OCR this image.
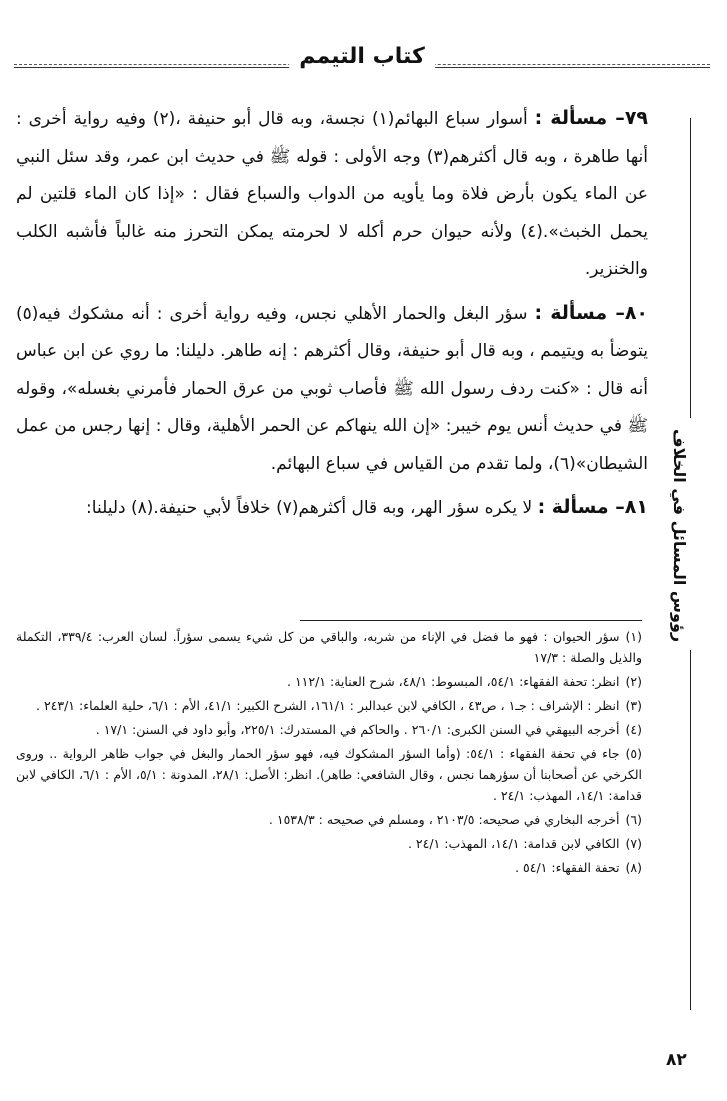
كتاب التيمم
رؤوس المسائل في الخلاف

٧٩– مسألة : أسوار سباع البهائم(١) نجسة، وبه قال أبو حنيفة ،(٢) وفيه رواية أخرى : أنها طاهرة ، وبه قال أكثرهم(٣) وجه الأولى : قوله ﷺ في حديث ابن عمر، وقد سئل النبي عن الماء يكون بأرض فلاة وما يأويه من الدواب والسباع فقال : «إذا كان الماء قلتين لم يحمل الخبث».(٤) ولأنه حيوان حرم أكله لا لحرمته يمكن التحرز منه غالباً فأشبه الكلب والخنزير.

٨٠– مسألة : سؤر البغل والحمار الأهلي نجس، وفيه رواية أخرى : أنه مشكوك فيه(٥) يتوضأ به ويتيمم ، وبه قال أبو حنيفة، وقال أكثرهم : إنه طاهر. دليلنا: ما روي عن ابن عباس أنه قال : «كنت ردف رسول الله ﷺ فأصاب ثوبي من عرق الحمار فأمرني بغسله»، وقوله ﷺ في حديث أنس يوم خيبر: «إن الله ينهاكم عن الحمر الأهلية، وقال : إنها رجس من عمل الشيطان»(٦)، ولما تقدم من القياس في سباع البهائم.

٨١– مسألة : لا يكره سؤر الهر، وبه قال أكثرهم(٧) خلافاً لأبي حنيفة.(٨) دليلنا:

(١)سؤر الحيوان : فهو ما فضل في الإناء من شربه، والباقي من كل شيء يسمى سؤراً. لسان العرب: ٣٣٩/٤، التكملة والذيل والصلة : ١٧/٣
(٢)انظر: تحفة الفقهاء: ٥٤/١، المبسوط: ٤٨/١، شرح العناية: ١١٢/١ .
(٣)انظر : الإشراف : جـ١ ، ص٤٣ ، الكافي لابن عبدالبر : ١٦١/١، الشرح الكبير: ٤١/١، الأم : ٦/١، حلية العلماء: ٢٤٣/١ .
(٤)أخرجه البيهقي في السنن الكبرى: ٢٦٠/١ . والحاكم في المستدرك: ٢٢٥/١، وأبو داود في السنن: ١٧/١ .
(٥)جاء في تحفة الفقهاء : ٥٤/١: (وأما السؤر المشكوك فيه، فهو سؤر الحمار والبغل في جواب ظاهر الرواية .. وروى الكرخي عن أصحابنا أن سؤرهما نجس ، وقال الشافعي: طاهر). انظر: الأصل: ٢٨/١، المدونة : ٥/١، الأم : ٦/١، الكافي لابن قدامة: ١٤/١، المهذب: ٢٤/١ .
(٦)أخرجه البخاري في صحيحه: ٢١٠٣/٥ ، ومسلم في صحيحه : ١٥٣٨/٣ .
(٧)الكافي لابن قدامة: ١٤/١، المهذب: ٢٤/١ .
(٨)تحفة الفقهاء: ٥٤/١ .
٨٢
